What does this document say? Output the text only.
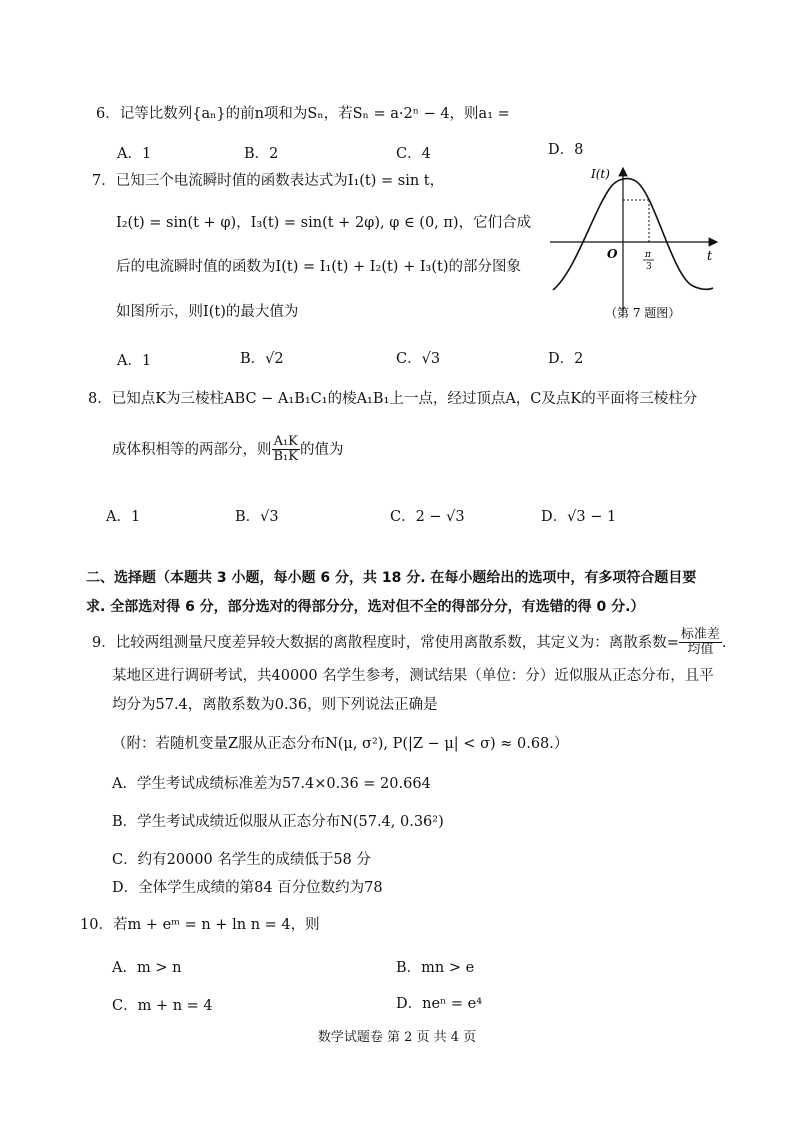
6．记等比数列{aₙ}的前n项和为Sₙ，若Sₙ = a·2ⁿ − 4，则a₁ =
A．1	B．2	C．4	D．8
7．已知三个电流瞬时值的函数表达式为I₁(t) = sin t，
I₂(t) = sin(t + φ)，I₃(t) = sin(t + 2φ), φ ∈ (0, π)，它们合成
后的电流瞬时值的函数为I(t) = I₁(t) + I₂(t) + I₃(t)的部分图象
如图所示，则I(t)的最大值为
A．1	B．√2	C．√3	D．2
I(t)
t
O	π
3
（第 7 题图）
8．已知点K为三棱柱ABC − A₁B₁C₁的棱A₁B₁上一点，经过顶点A，C及点K的平面将三棱柱分
成体积相等的两部分，则 $\frac{\text{A₁K}}{\text{B₁K}}$ 的值为
A．1	B．√3	C．2 − √3	D．√3 − 1
二、选择题（本题共 3 小题，每小题 6 分，共 18 分. 在每小题给出的选项中，有多项符合题目要
求. 全部选对得 6 分，部分选对的得部分分，选对但不全的得部分分，有选错的得 0 分.）
9．比较两组测量尺度差异较大数据的离散程度时，常使用离散系数，其定义为：离散系数= $\frac{\text{标准差}}{\text{均值}}$ .
某地区进行调研考试，共40000 名学生参考，测试结果（单位：分）近似服从正态分布，且平
均分为57.4，离散系数为0.36，则下列说法正确是
（附：若随机变量Z服从正态分布N(μ, σ²), P(|Z − μ| < σ) ≈ 0.68.）
A．学生考试成绩标准差为57.4×0.36 = 20.664
B．学生考试成绩近似服从正态分布N(57.4, 0.36²)
C．约有20000 名学生的成绩低于58 分
D．全体学生成绩的第84 百分位数约为78
10．若m + eᵐ = n + ln n = 4，则
A．m > n	B．mn > e
C．m + n = 4	D．neⁿ = e⁴
数学试题卷 第 2 页 共 4 页
